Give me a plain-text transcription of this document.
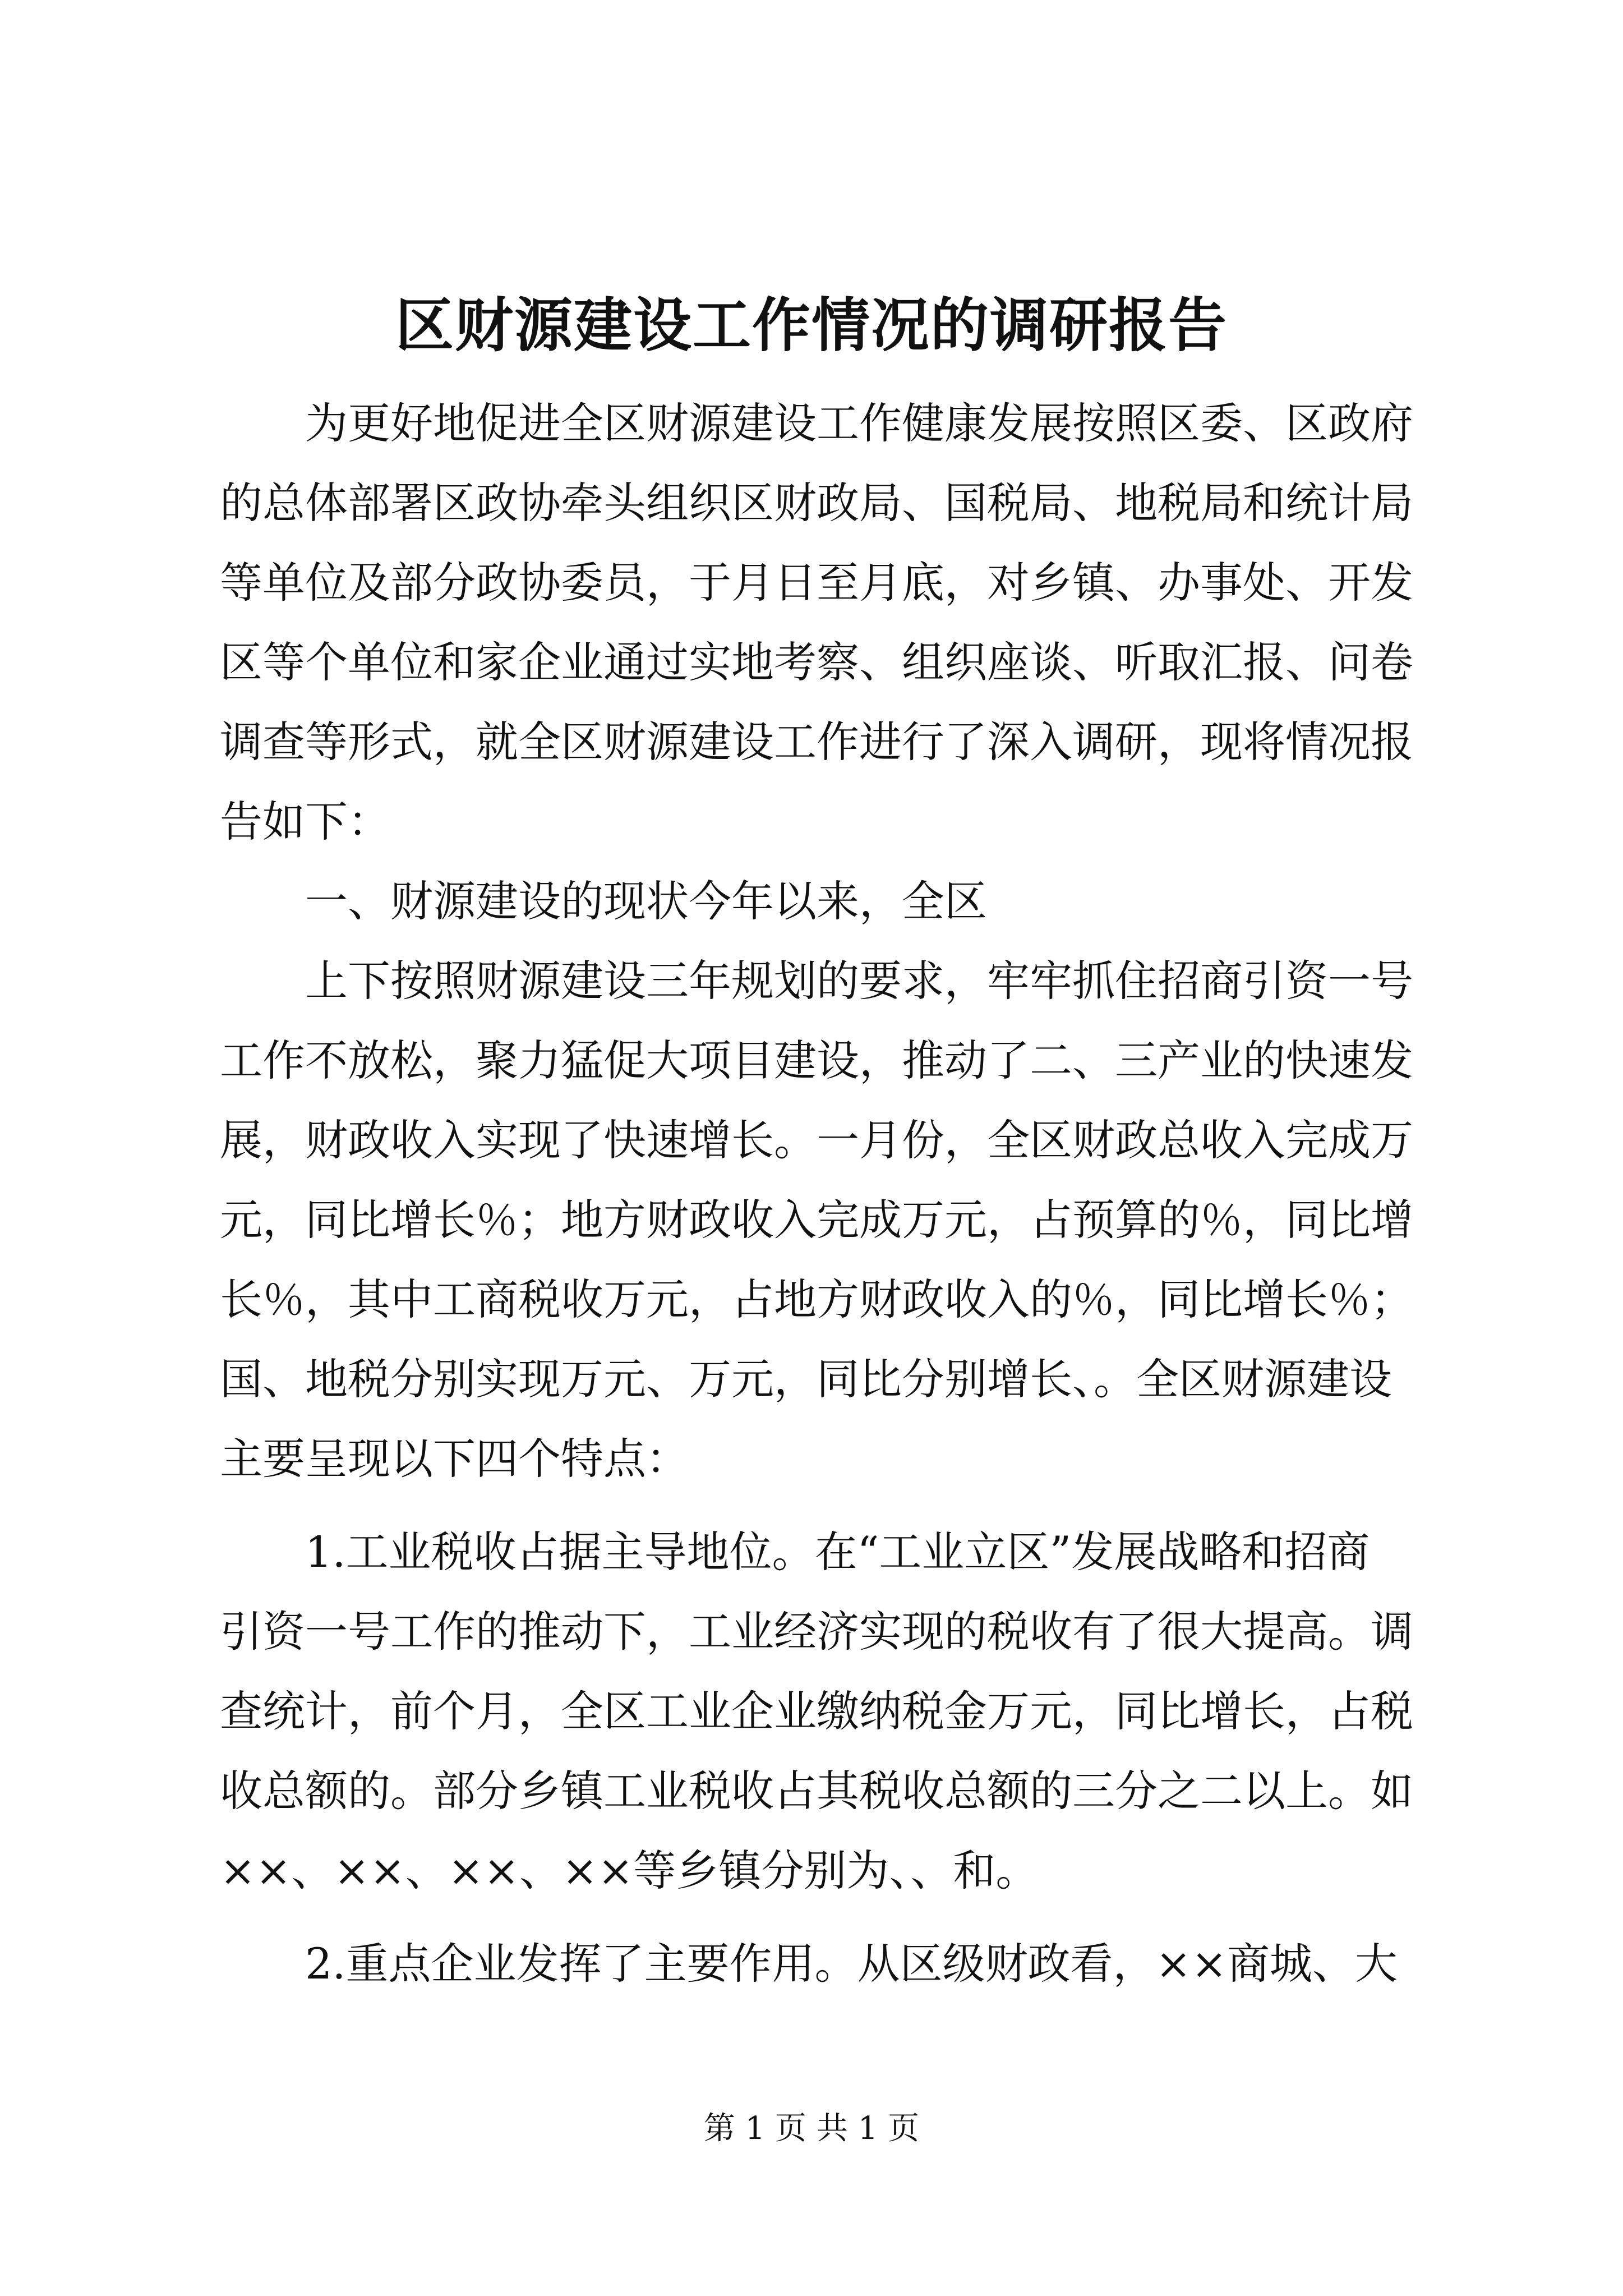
区财源建设工作情况的调研报告
　　为更好地促进全区财源建设工作健康发展按照区委、区政府
的总体部署区政协牵头组织区财政局、国税局、地税局和统计局
等单位及部分政协委员，于月日至月底，对乡镇、办事处、开发
区等个单位和家企业通过实地考察、组织座谈、听取汇报、问卷
调查等形式，就全区财源建设工作进行了深入调研，现将情况报
告如下：
　　一、财源建设的现状今年以来，全区
　　上下按照财源建设三年规划的要求，牢牢抓住招商引资一号
工作不放松，聚力猛促大项目建设，推动了二、三产业的快速发
展，财政收入实现了快速增长。一月份，全区财政总收入完成万
元，同比增长％；地方财政收入完成万元，占预算的％，同比增
长％，其中工商税收万元，占地方财政收入的％，同比增长％；
国、地税分别实现万元、万元，同比分别增长、。全区财源建设
主要呈现以下四个特点：
　　1.工业税收占据主导地位。在“工业立区”发展战略和招商
引资一号工作的推动下，工业经济实现的税收有了很大提高。调
查统计，前个月，全区工业企业缴纳税金万元，同比增长，占税
收总额的。部分乡镇工业税收占其税收总额的三分之二以上。如
××、××、××、××等乡镇分别为、、和。
　　2.重点企业发挥了主要作用。从区级财政看，××商城、大
第 1 页 共 1 页
